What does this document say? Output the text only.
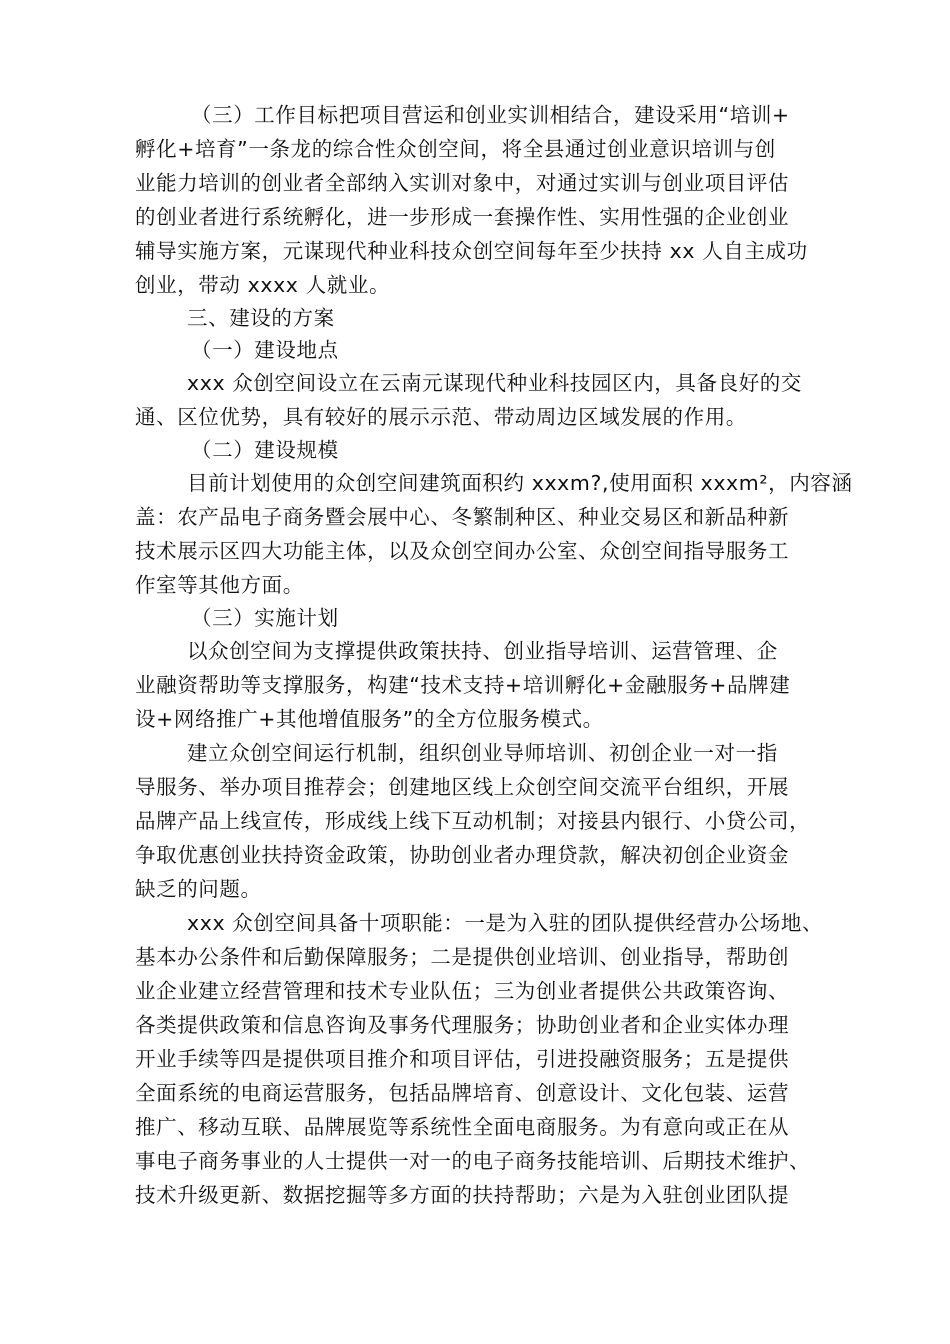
（三）工作目标把项目营运和创业实训相结合，建设采用“培训+
孵化+培育”一条龙的综合性众创空间，将全县通过创业意识培训与创
业能力培训的创业者全部纳入实训对象中，对通过实训与创业项目评估
的创业者进行系统孵化，进一步形成一套操作性、实用性强的企业创业
辅导实施方案，元谋现代种业科技众创空间每年至少扶持 xx 人自主成功
创业，带动 xxxx 人就业。
三、建设的方案
（一）建设地点
xxx 众创空间设立在云南元谋现代种业科技园区内，具备良好的交
通、区位优势，具有较好的展示示范、带动周边区域发展的作用。
（二）建设规模
目前计划使用的众创空间建筑面积约 xxxm?,使用面积 xxxm²，内容涵
盖：农产品电子商务暨会展中心、冬繁制种区、种业交易区和新品种新
技术展示区四大功能主体，以及众创空间办公室、众创空间指导服务工
作室等其他方面。
（三）实施计划
以众创空间为支撑提供政策扶持、创业指导培训、运营管理、企
业融资帮助等支撑服务，构建“技术支持+培训孵化+金融服务+品牌建
设+网络推广+其他增值服务”的全方位服务模式。
建立众创空间运行机制，组织创业导师培训、初创企业一对一指
导服务、举办项目推荐会；创建地区线上众创空间交流平台组织，开展
品牌产品上线宣传，形成线上线下互动机制；对接县内银行、小贷公司，
争取优惠创业扶持资金政策，协助创业者办理贷款，解决初创企业资金
缺乏的问题。
xxx 众创空间具备十项职能：一是为入驻的团队提供经营办公场地、
基本办公条件和后勤保障服务；二是提供创业培训、创业指导，帮助创
业企业建立经营管理和技术专业队伍；三为创业者提供公共政策咨询、
各类提供政策和信息咨询及事务代理服务；协助创业者和企业实体办理
开业手续等四是提供项目推介和项目评估，引进投融资服务；五是提供
全面系统的电商运营服务，包括品牌培育、创意设计、文化包装、运营
推广、移动互联、品牌展览等系统性全面电商服务。为有意向或正在从
事电子商务事业的人士提供一对一的电子商务技能培训、后期技术维护、
技术升级更新、数据挖掘等多方面的扶持帮助；六是为入驻创业团队提
